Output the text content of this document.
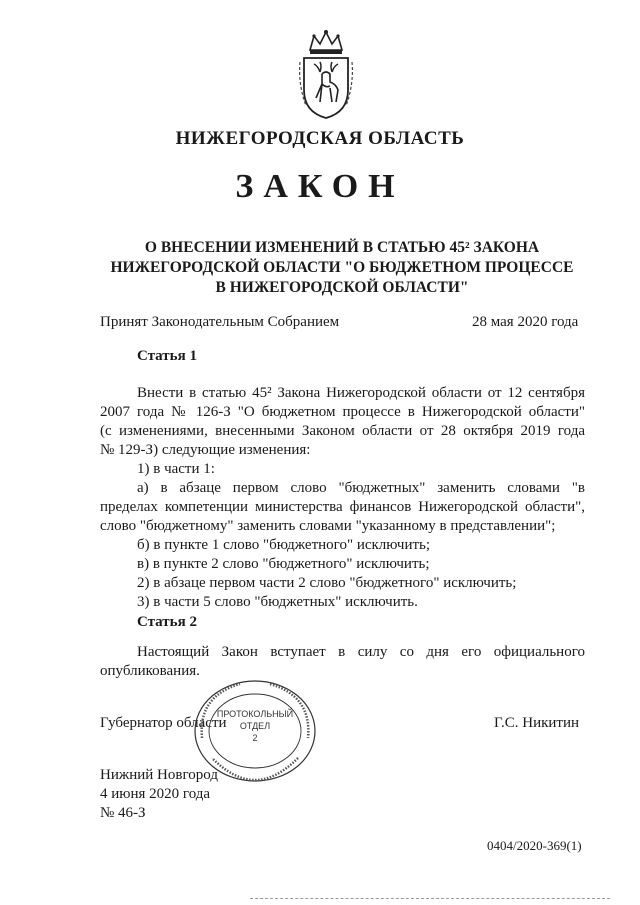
НИЖЕГОРОДСКАЯ ОБЛАСТЬ
ЗАКОН
О ВНЕСЕНИИ ИЗМЕНЕНИЙ В СТАТЬЮ 45² ЗАКОНА
НИЖЕГОРОДСКОЙ ОБЛАСТИ "О БЮДЖЕТНОМ ПРОЦЕССЕ
В НИЖЕГОРОДСКОЙ ОБЛАСТИ"
Принят Законодательным Собранием	28 мая 2020 года
Статья 1
Внести в статью 45² Закона Нижегородской области от 12 сентября
2007 года № 126-З "О бюджетном процессе в Нижегородской области"
(с изменениями, внесенными Законом области от 28 октября 2019 года
№ 129-З) следующие изменения:
1) в части 1:
а) в абзаце первом слово "бюджетных" заменить словами "в
пределах компетенции министерства финансов Нижегородской области",
слово "бюджетному" заменить словами "указанному в представлении";
б) в пункте 1 слово "бюджетного" исключить;
в) в пункте 2 слово "бюджетного" исключить;
2) в абзаце первом части 2 слово "бюджетного" исключить;
3) в части 5 слово "бюджетных" исключить.
Статья 2
Настоящий Закон вступает в силу со дня его официального
опубликования.
Губернатор области	Г.С. Никитин
ПРОТОКОЛЬНЫЙ
ОТДЕЛ
2
Нижний Новгород
4 июня 2020 года
№ 46-З
0404/2020-369(1)
